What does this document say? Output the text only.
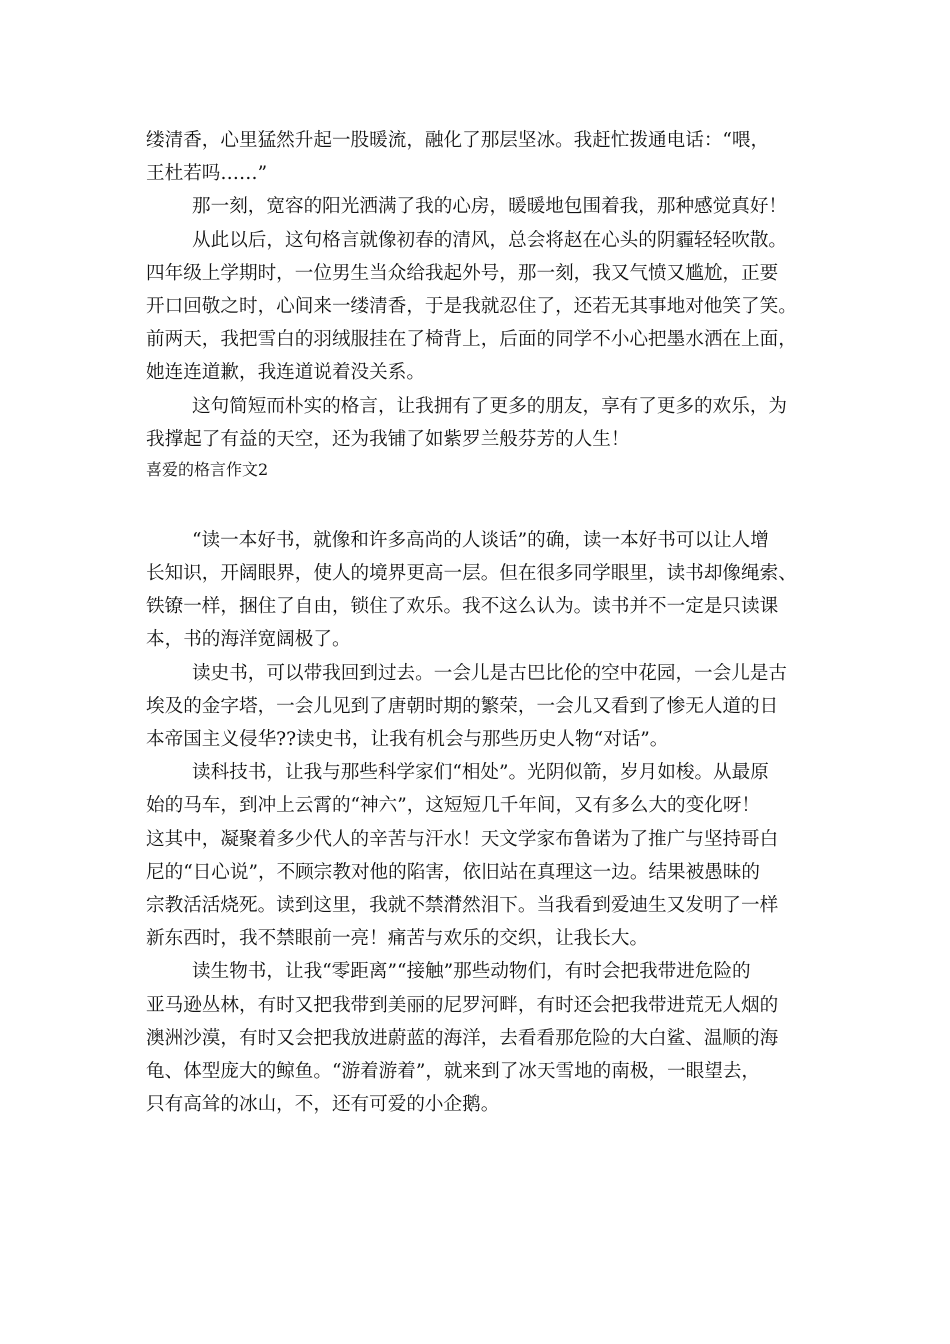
缕清香，心里猛然升起一股暖流，融化了那层坚冰。我赶忙拨通电话：“喂，
王杜若吗……”
那一刻，宽容的阳光洒满了我的心房，暖暖地包围着我，那种感觉真好！
从此以后，这句格言就像初春的清风，总会将赵在心头的阴霾轻轻吹散。
四年级上学期时，一位男生当众给我起外号，那一刻，我又气愤又尴尬，正要
开口回敬之时，心间来一缕清香，于是我就忍住了，还若无其事地对他笑了笑。
前两天，我把雪白的羽绒服挂在了椅背上，后面的同学不小心把墨水洒在上面，
她连连道歉，我连道说着没关系。
这句简短而朴实的格言，让我拥有了更多的朋友，享有了更多的欢乐，为
我撑起了有益的天空，还为我铺了如紫罗兰般芬芳的人生！
喜爱的格言作文2
“读一本好书，就像和许多高尚的人谈话”的确，读一本好书可以让人增
长知识，开阔眼界，使人的境界更高一层。但在很多同学眼里，读书却像绳索、
铁镣一样，捆住了自由，锁住了欢乐。我不这么认为。读书并不一定是只读课
本，书的海洋宽阔极了。
读史书，可以带我回到过去。一会儿是古巴比伦的空中花园，一会儿是古
埃及的金字塔，一会儿见到了唐朝时期的繁荣，一会儿又看到了惨无人道的日
本帝国主义侵华??读史书，让我有机会与那些历史人物“对话”。
读科技书，让我与那些科学家们“相处”。光阴似箭，岁月如梭。从最原
始的马车，到冲上云霄的“神六”，这短短几千年间，又有多么大的变化呀！
这其中，凝聚着多少代人的辛苦与汗水！天文学家布鲁诺为了推广与坚持哥白
尼的“日心说”，不顾宗教对他的陷害，依旧站在真理这一边。结果被愚昧的
宗教活活烧死。读到这里，我就不禁潸然泪下。当我看到爱迪生又发明了一样
新东西时，我不禁眼前一亮！痛苦与欢乐的交织，让我长大。
读生物书，让我“零距离”“接触”那些动物们，有时会把我带进危险的
亚马逊丛林，有时又把我带到美丽的尼罗河畔，有时还会把我带进荒无人烟的
澳洲沙漠，有时又会把我放进蔚蓝的海洋，去看看那危险的大白鲨、温顺的海
龟、体型庞大的鲸鱼。“游着游着”，就来到了冰天雪地的南极，一眼望去，
只有高耸的冰山，不，还有可爱的小企鹅。
